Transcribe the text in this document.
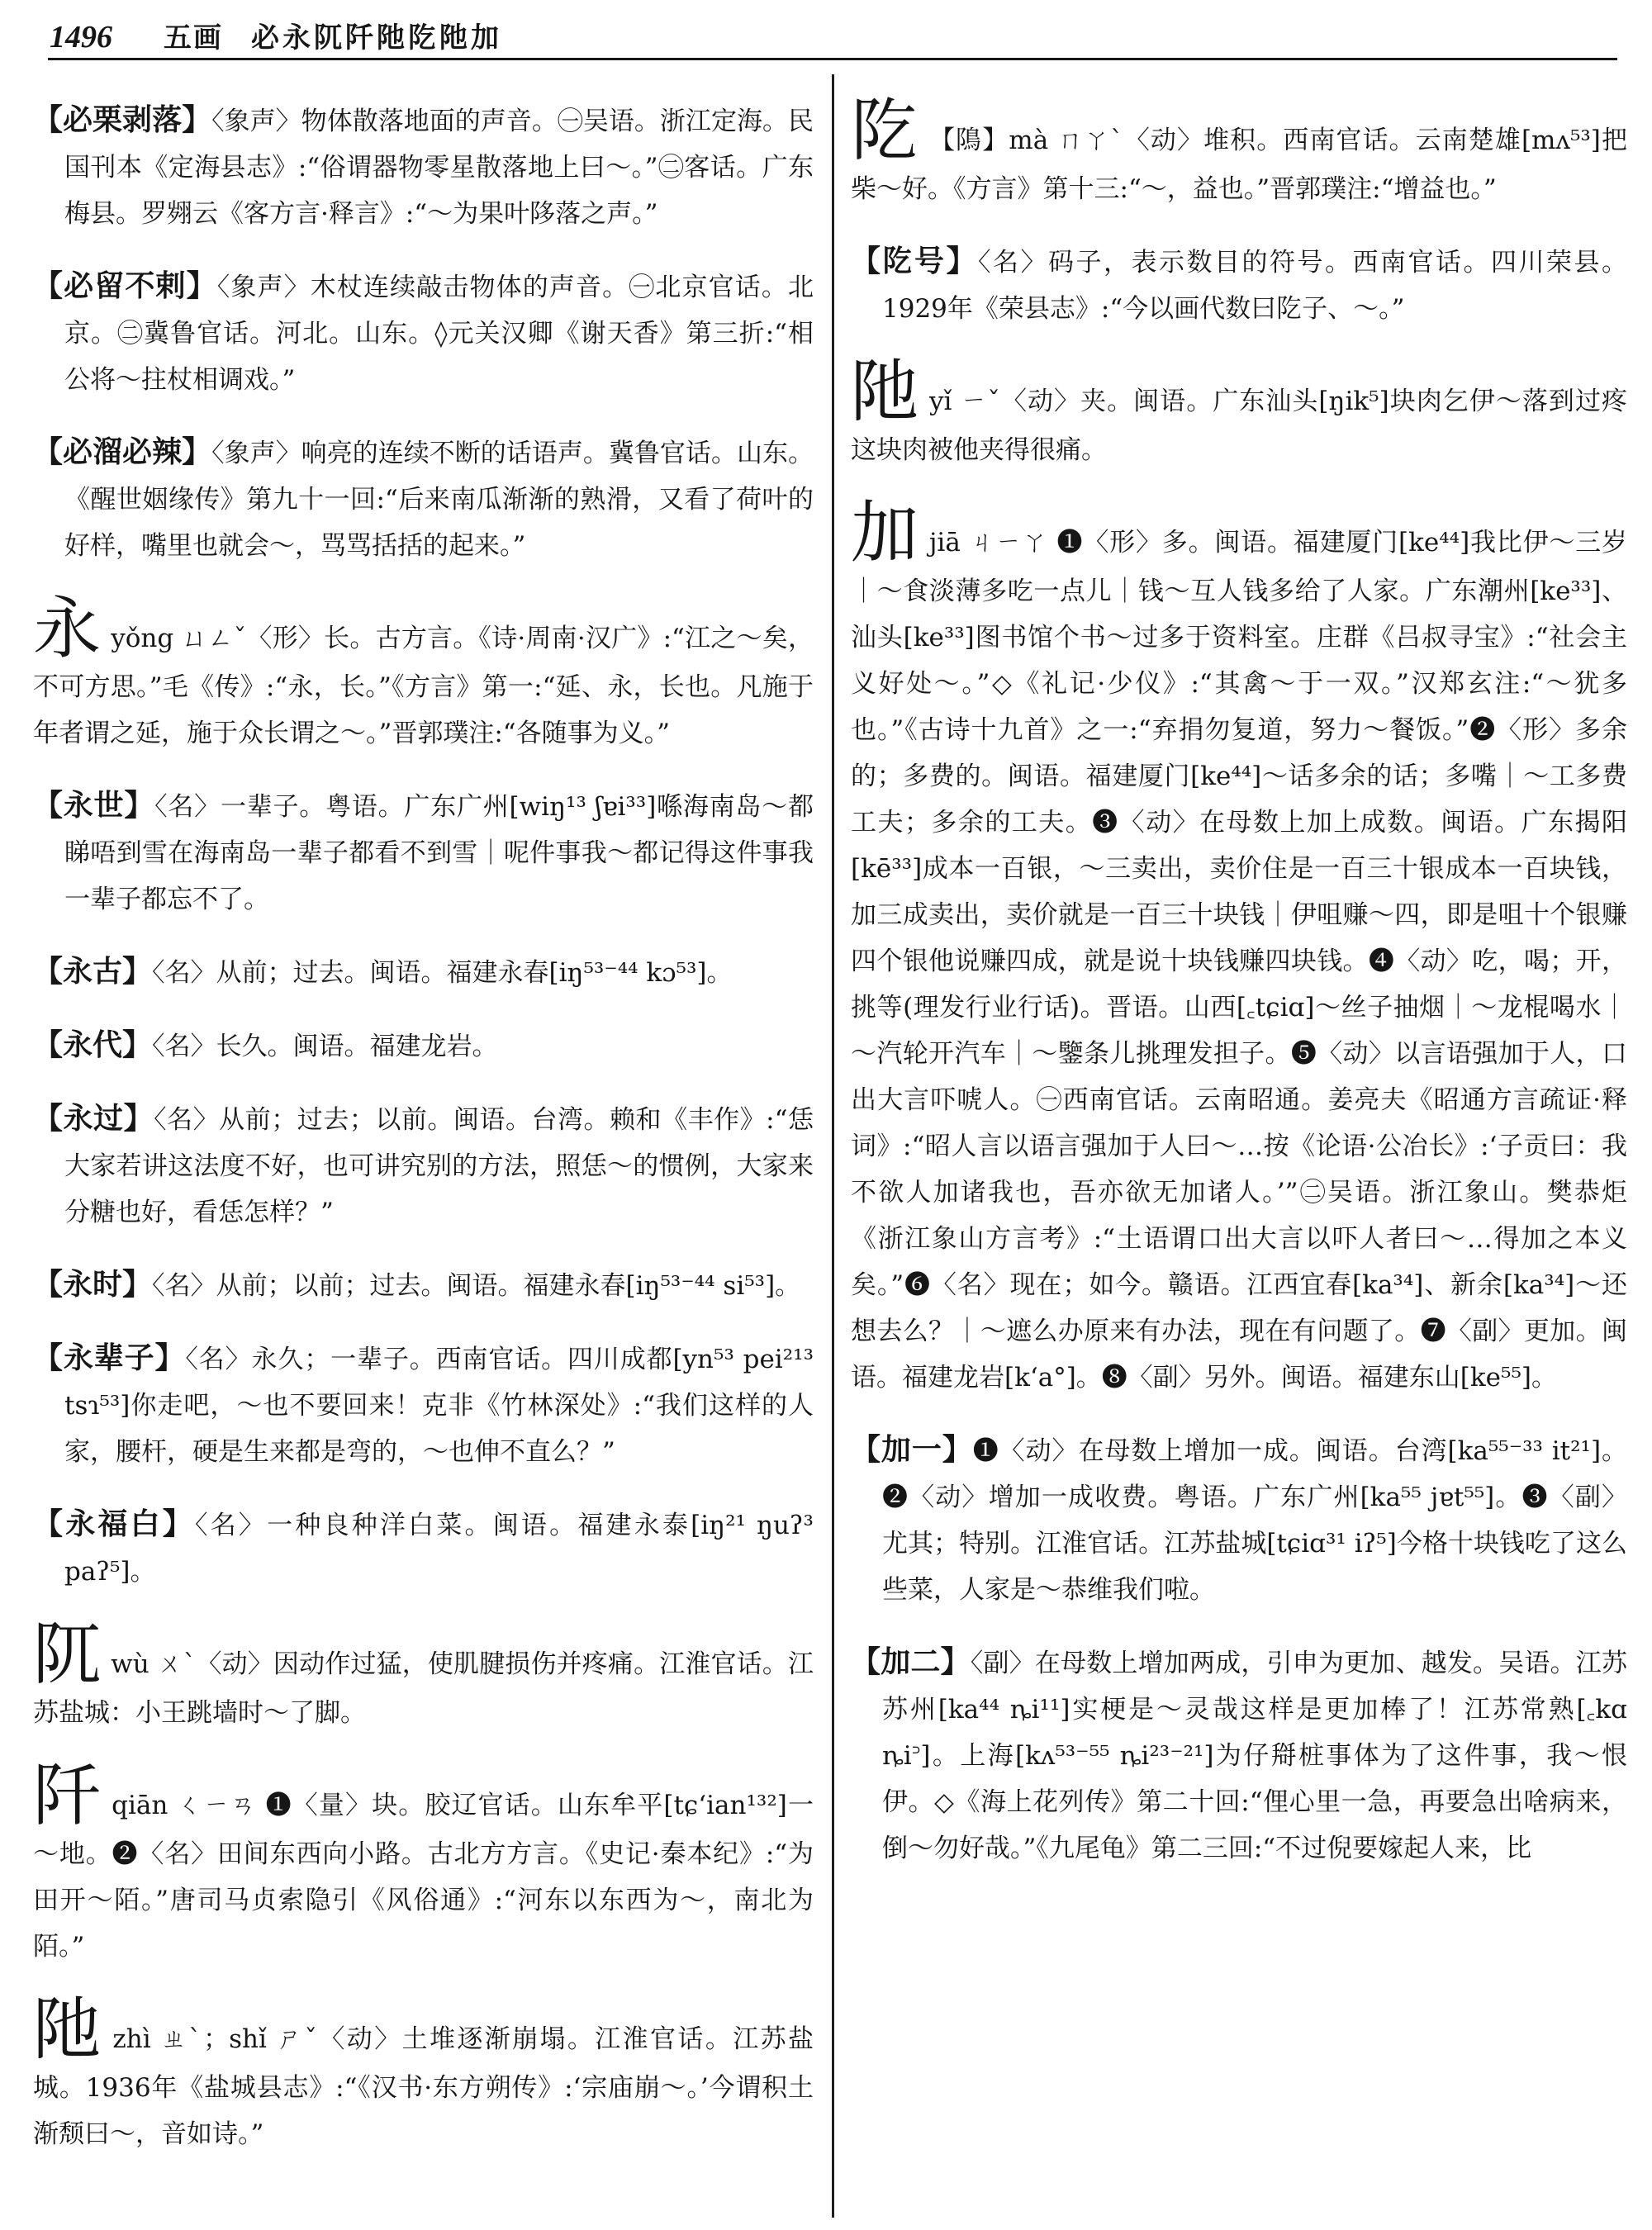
1496 五画 必永阢阡阤阣阤加

【必栗剥落】〈象声〉物体散落地面的声音。㊀吴语。浙江定海。民国刊本《定海县志》:“俗谓器物零星散落地上曰～。”㊁客话。广东梅县。罗翙云《客方言·释言》:“～为果叶陊落之声。”

【必留不剌】〈象声〉木杖连续敲击物体的声音。㊀北京官话。北京。㊁冀鲁官话。河北。山东。◊元关汉卿《谢天香》第三折:“相公将～拄杖相调戏。”

【必溜必辣】〈象声〉响亮的连续不断的话语声。冀鲁官话。山东。《醒世姻缘传》第九十一回:“后来南瓜渐渐的熟滑，又看了荷叶的好样，嘴里也就会～，骂骂括括的起来。”

永yǒng ㄩㄥˇ〈形〉长。古方言。《诗·周南·汉广》:“江之～矣，不可方思。”毛《传》:“永，长。”《方言》第一:“延、永，长也。凡施于年者谓之延，施于众长谓之～。”晋郭璞注:“各随事为义。”

【永世】〈名〉一辈子。粤语。广东广州[wiŋ¹³ ʃɐi³³]喺海南岛～都睇唔到雪在海南岛一辈子都看不到雪｜呢件事我～都记得这件事我一辈子都忘不了。

【永古】〈名〉从前；过去。闽语。福建永春[iŋ⁵³⁻⁴⁴ kɔ⁵³]。

【永代】〈名〉长久。闽语。福建龙岩。

【永过】〈名〉从前；过去；以前。闽语。台湾。赖和《丰作》:“恁大家若讲这法度不好，也可讲究别的方法，照恁～的惯例，大家来分糖也好，看恁怎样？”

【永时】〈名〉从前；以前；过去。闽语。福建永春[iŋ⁵³⁻⁴⁴ si⁵³]。

【永辈子】〈名〉永久；一辈子。西南官话。四川成都[yn⁵³ pei²¹³ tsɿ⁵³]你走吧，～也不要回来！克非《竹林深处》:“我们这样的人家，腰杆，硬是生来都是弯的，～也伸不直么？”

【永福白】〈名〉一种良种洋白菜。闽语。福建永泰[iŋ²¹ ŋuʔ³ paʔ⁵]。

阢wù ㄨˋ〈动〉因动作过猛，使肌腱损伤并疼痛。江淮官话。江苏盐城：小王跳墙时～了脚。

阡qiān ㄑㄧㄢ ❶〈量〉块。胶辽官话。山东牟平[tɕʻian¹³²]一～地。❷〈名〉田间东西向小路。古北方方言。《史记·秦本纪》:“为田开～陌。”唐司马贞索隐引《风俗通》:“河东以东西为～，南北为陌。”

阤zhì ㄓˋ；shǐ ㄕˇ〈动〉土堆逐渐崩塌。江淮官话。江苏盐城。1936年《盐城县志》:“《汉书·东方朔传》:‘宗庙崩～。’今谓积土渐颓曰～，音如诗。”

阣 【隝】mà ㄇㄚˋ〈动〉堆积。西南官话。云南楚雄[mʌ⁵³]把柴～好。《方言》第十三:“～，益也。”晋郭璞注:“增益也。”

【阣号】〈名〉码子，表示数目的符号。西南官话。四川荣县。1929年《荣县志》:“今以画代数曰阣子、～。”

阤yǐ ㄧˇ〈动〉夹。闽语。广东汕头[ŋik⁵]块肉乞伊～落到过疼这块肉被他夹得很痛。

加jiā ㄐㄧㄚ ❶〈形〉多。闽语。福建厦门[ke⁴⁴]我比伊～三岁｜～食淡薄多吃一点儿｜钱～互人钱多给了人家。广东潮州[ke³³]、汕头[ke³³]图书馆个书～过多于资料室。庄群《吕叔寻宝》:“社会主义好处～。”◇《礼记·少仪》:“其禽～于一双。”汉郑玄注:“～犹多也。”《古诗十九首》之一:“弃捐勿复道，努力～餐饭。”❷〈形〉多余的；多费的。闽语。福建厦门[ke⁴⁴]～话多余的话；多嘴｜～工多费工夫；多余的工夫。❸〈动〉在母数上加上成数。闽语。广东揭阳[kē³³]成本一百银，～三卖出，卖价住是一百三十银成本一百块钱，加三成卖出，卖价就是一百三十块钱｜伊咀赚～四，即是咀十个银赚四个银他说赚四成，就是说十块钱赚四块钱。❹〈动〉吃，喝；开，挑等(理发行业行话)。晋语。山西[꜀tɕiɑ]～丝子抽烟｜～龙棍喝水｜～汽轮开汽车｜～鑒条儿挑理发担子。❺〈动〉以言语强加于人，口出大言吓唬人。㊀西南官话。云南昭通。姜亮夫《昭通方言疏证·释词》:“昭人言以语言强加于人曰～…按《论语·公冶长》:‘子贡曰：我不欲人加诸我也，吾亦欲无加诸人。’”㊁吴语。浙江象山。樊恭炬《浙江象山方言考》:“土语谓口出大言以吓人者曰～…得加之本义矣。”❻〈名〉现在；如今。赣语。江西宜春[ka³⁴]、新余[ka³⁴]～还想去么？｜～遮么办原来有办法，现在有问题了。❼〈副〉更加。闽语。福建龙岩[kʻa°]。❽〈副〉另外。闽语。福建东山[ke⁵⁵]。

【加一】❶〈动〉在母数上增加一成。闽语。台湾[ka⁵⁵⁻³³ it²¹]。❷〈动〉增加一成收费。粤语。广东广州[ka⁵⁵ jɐt⁵⁵]。❸〈副〉尤其；特别。江淮官话。江苏盐城[tɕiɑ³¹ iʔ⁵]今格十块钱吃了这么些菜，人家是～恭维我们啦。

【加二】〈副〉在母数上增加两成，引申为更加、越发。吴语。江苏苏州[ka⁴⁴ ȵi¹¹]实梗是～灵哉这样是更加棒了！江苏常熟[꜀kɑ ȵi꜄]。上海[kʌ⁵³⁻⁵⁵ ȵi²³⁻²¹]为仔搿桩事体为了这件事，我～恨伊。◇《海上花列传》第二十回:“俚心里一急，再要急出啥病来，倒～勿好哉。”《九尾龟》第二三回:“不过倪要嫁起人来，比
